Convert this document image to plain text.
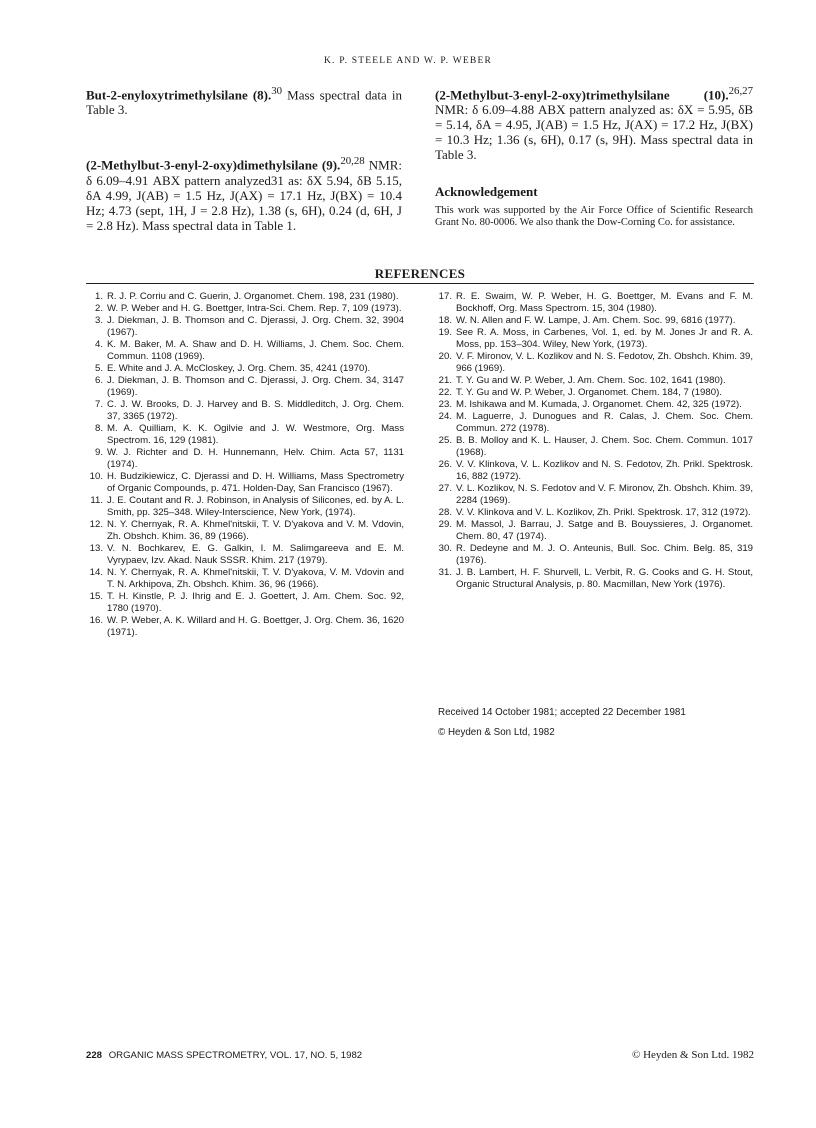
K. P. STEELE AND W. P. WEBER

But-2-enyloxytrimethylsilane (8).$^{30}$ Mass spectral data in Table 3.

(2-Methylbut-3-enyl-2-oxy)dimethylsilane (9).$^{20,28}$ NMR: δ 6.09–4.91 ABX pattern analyzed31 as: δX 5.94, δB 5.15, δA 4.99, J(AB) = 1.5 Hz, J(AX) = 17.1 Hz, J(BX) = 10.4 Hz; 4.73 (sept, 1H, J = 2.8 Hz), 1.38 (s, 6H), 0.24 (d, 6H, J = 2.8 Hz). Mass spectral data in Table 1.

(2-Methylbut-3-enyl-2-oxy)trimethylsilane (10).$^{26,27}$ NMR: δ 6.09–4.88 ABX pattern analyzed as: δX = 5.95, δB = 5.14, δA = 4.95, J(AB) = 1.5 Hz, J(AX) = 17.2 Hz, J(BX) = 10.3 Hz; 1.36 (s, 6H), 0.17 (s, 9H). Mass spectral data in Table 3.

Acknowledgement

This work was supported by the Air Force Office of Scientific Research Grant No. 80-0006. We also thank the Dow-Corning Co. for assistance.

REFERENCES
1. R. J. P. Corriu and C. Guerin, J. Organomet. Chem. 198, 231 (1980).
2. W. P. Weber and H. G. Boettger, Intra-Sci. Chem. Rep. 7, 109 (1973).
3. J. Diekman, J. B. Thomson and C. Djerassi, J. Org. Chem. 32, 3904 (1967).
4. K. M. Baker, M. A. Shaw and D. H. Williams, J. Chem. Soc. Chem. Commun. 1108 (1969).
5. E. White and J. A. McCloskey, J. Org. Chem. 35, 4241 (1970).
6. J. Diekman, J. B. Thomson and C. Djerassi, J. Org. Chem. 34, 3147 (1969).
7. C. J. W. Brooks, D. J. Harvey and B. S. Middleditch, J. Org. Chem. 37, 3365 (1972).
8. M. A. Quilliam, K. K. Ogilvie and J. W. Westmore, Org. Mass Spectrom. 16, 129 (1981).
9. W. J. Richter and D. H. Hunnemann, Helv. Chim. Acta 57, 1131 (1974).
10. H. Budzikiewicz, C. Djerassi and D. H. Williams, Mass Spectrometry of Organic Compounds, p. 471. Holden-Day, San Francisco (1967).
11. J. E. Coutant and R. J. Robinson, in Analysis of Silicones, ed. by A. L. Smith, pp. 325–348. Wiley-Interscience, New York, (1974).
12. N. Y. Chernyak, R. A. Khmel'nitskii, T. V. D'yakova and V. M. Vdovin, Zh. Obshch. Khim. 36, 89 (1966).
13. V. N. Bochkarev, E. G. Galkin, I. M. Salimgareeva and E. M. Vyrypaev, Izv. Akad. Nauk SSSR. Khim. 217 (1979).
14. N. Y. Chernyak, R. A. Khmel'nitskii, T. V. D'yakova, V. M. Vdovin and T. N. Arkhipova, Zh. Obshch. Khim. 36, 96 (1966).
15. T. H. Kinstle, P. J. Ihrig and E. J. Goettert, J. Am. Chem. Soc. 92, 1780 (1970).
16. W. P. Weber, A. K. Willard and H. G. Boettger, J. Org. Chem. 36, 1620 (1971).
17. R. E. Swaim, W. P. Weber, H. G. Boettger, M. Evans and F. M. Bockhoff, Org. Mass Spectrom. 15, 304 (1980).
18. W. N. Allen and F. W. Lampe, J. Am. Chem. Soc. 99, 6816 (1977).
19. See R. A. Moss, in Carbenes, Vol. 1, ed. by M. Jones Jr and R. A. Moss, pp. 153–304. Wiley, New York, (1973).
20. V. F. Mironov, V. L. Kozlikov and N. S. Fedotov, Zh. Obshch. Khim. 39, 966 (1969).
21. T. Y. Gu and W. P. Weber, J. Am. Chem. Soc. 102, 1641 (1980).
22. T. Y. Gu and W. P. Weber, J. Organomet. Chem. 184, 7 (1980).
23. M. Ishikawa and M. Kumada, J. Organomet. Chem. 42, 325 (1972).
24. M. Laguerre, J. Dunogues and R. Calas, J. Chem. Soc. Chem. Commun. 272 (1978).
25. B. B. Molloy and K. L. Hauser, J. Chem. Soc. Chem. Commun. 1017 (1968).
26. V. V. Klinkova, V. L. Kozlikov and N. S. Fedotov, Zh. Prikl. Spektrosk. 16, 882 (1972).
27. V. L. Kozlikov, N. S. Fedotov and V. F. Mironov, Zh. Obshch. Khim. 39, 2284 (1969).
28. V. V. Klinkova and V. L. Kozlikov, Zh. Prikl. Spektrosk. 17, 312 (1972).
29. M. Massol, J. Barrau, J. Satge and B. Bouyssieres, J. Organomet. Chem. 80, 47 (1974).
30. R. Dedeyne and M. J. O. Anteunis, Bull. Soc. Chim. Belg. 85, 319 (1976).
31. J. B. Lambert, H. F. Shurvell, L. Verbit, R. G. Cooks and G. H. Stout, Organic Structural Analysis, p. 80. Macmillan, New York (1976).
Received 14 October 1981; accepted 22 December 1981
© Heyden & Son Ltd, 1982
228 ORGANIC MASS SPECTROMETRY, VOL. 17, NO. 5, 1982	© Heyden & Son Ltd. 1982
